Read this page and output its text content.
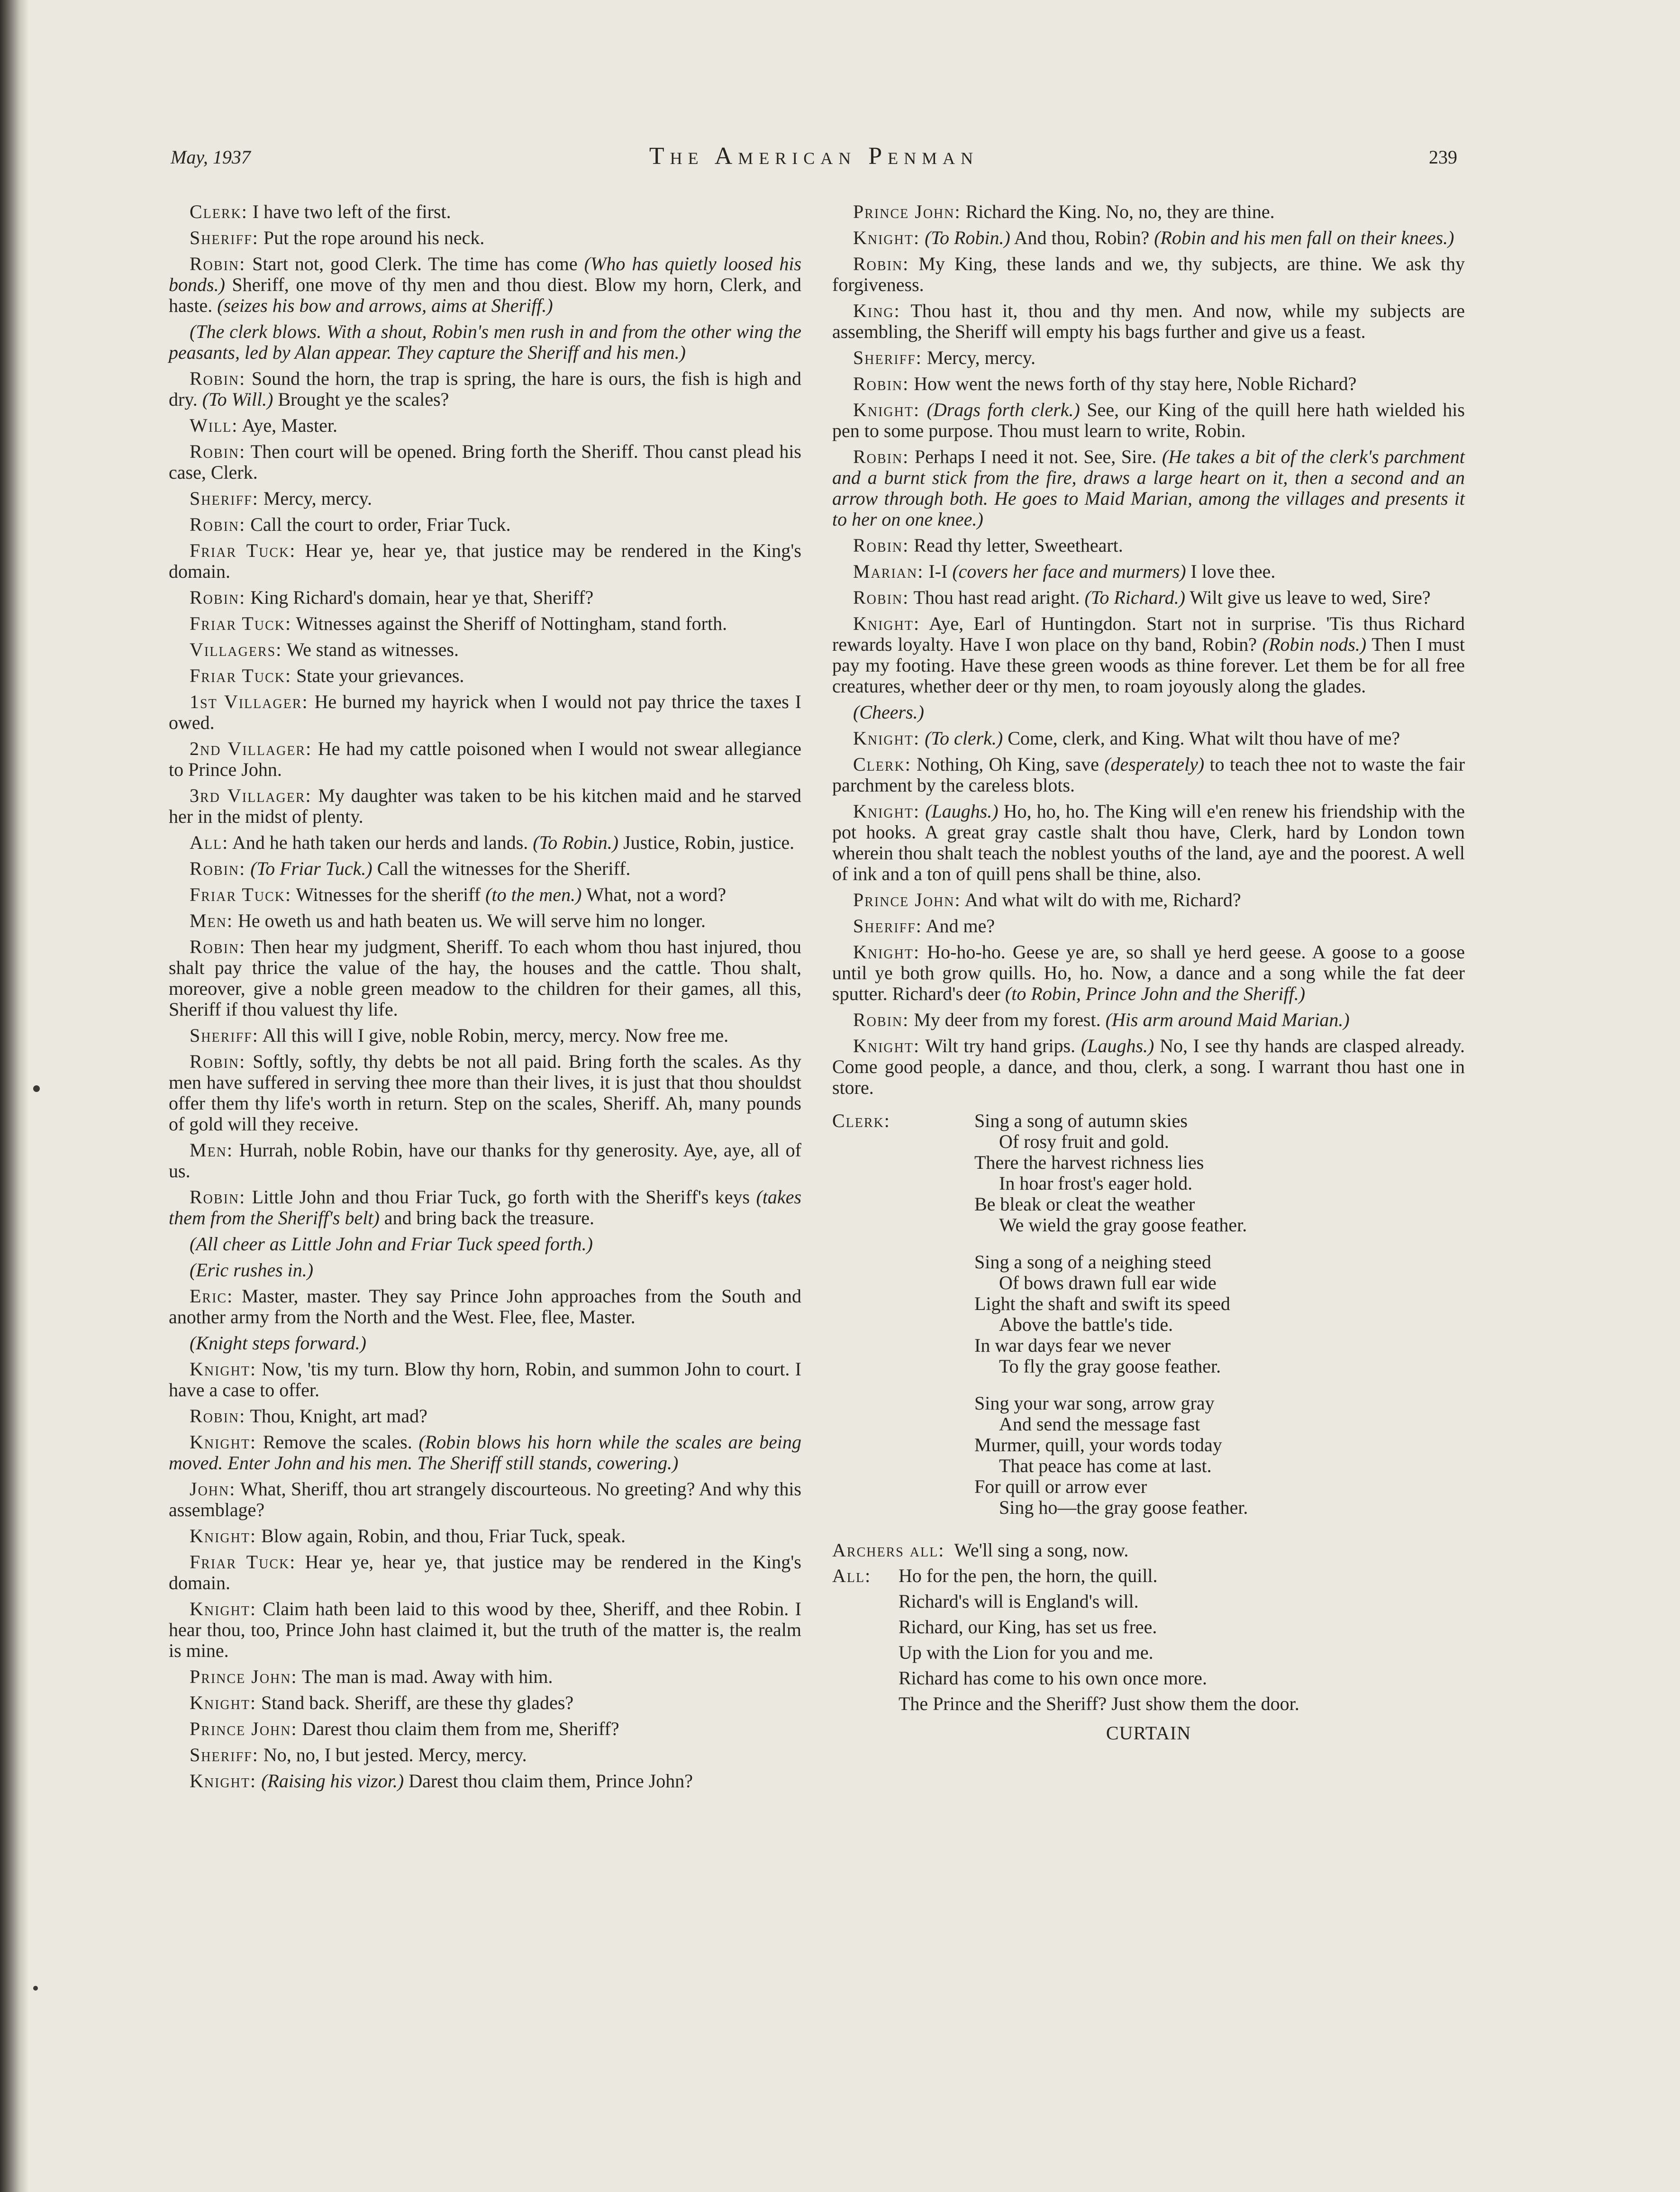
May, 1937	The American Penman	239

Clerk: I have two left of the first.

Sheriff: Put the rope around his neck.

Robin: Start not, good Clerk. The time has come (Who has quietly loosed his bonds.) Sheriff, one move of thy men and thou diest. Blow my horn, Clerk, and haste. (seizes his bow and arrows, aims at Sheriff.)

(The clerk blows. With a shout, Robin's men rush in and from the other wing the peasants, led by Alan appear. They capture the Sheriff and his men.)

Robin: Sound the horn, the trap is spring, the hare is ours, the fish is high and dry. (To Will.) Brought ye the scales?

Will: Aye, Master.

Robin: Then court will be opened. Bring forth the Sheriff. Thou canst plead his case, Clerk.

Sheriff: Mercy, mercy.

Robin: Call the court to order, Friar Tuck.

Friar Tuck: Hear ye, hear ye, that justice may be rendered in the King's domain.

Robin: King Richard's domain, hear ye that, Sheriff?

Friar Tuck: Witnesses against the Sheriff of Nottingham, stand forth.

Villagers: We stand as witnesses.

Friar Tuck: State your grievances.

1st Villager: He burned my hayrick when I would not pay thrice the taxes I owed.

2nd Villager: He had my cattle poisoned when I would not swear allegiance to Prince John.

3rd Villager: My daughter was taken to be his kitchen maid and he starved her in the midst of plenty.

All: And he hath taken our herds and lands. (To Robin.) Justice, Robin, justice.

Robin: (To Friar Tuck.) Call the witnesses for the Sheriff.

Friar Tuck: Witnesses for the sheriff (to the men.) What, not a word?

Men: He oweth us and hath beaten us. We will serve him no longer.

Robin: Then hear my judgment, Sheriff. To each whom thou hast injured, thou shalt pay thrice the value of the hay, the houses and the cattle. Thou shalt, moreover, give a noble green meadow to the children for their games, all this, Sheriff if thou valuest thy life.

Sheriff: All this will I give, noble Robin, mercy, mercy. Now free me.

Robin: Softly, softly, thy debts be not all paid. Bring forth the scales. As thy men have suffered in serving thee more than their lives, it is just that thou shouldst offer them thy life's worth in return. Step on the scales, Sheriff. Ah, many pounds of gold will they receive.

Men: Hurrah, noble Robin, have our thanks for thy generosity. Aye, aye, all of us.

Robin: Little John and thou Friar Tuck, go forth with the Sheriff's keys (takes them from the Sheriff's belt) and bring back the treasure.

(All cheer as Little John and Friar Tuck speed forth.)

(Eric rushes in.)

Eric: Master, master. They say Prince John approaches from the South and another army from the North and the West. Flee, flee, Master.

(Knight steps forward.)

Knight: Now, 'tis my turn. Blow thy horn, Robin, and summon John to court. I have a case to offer.

Robin: Thou, Knight, art mad?

Knight: Remove the scales. (Robin blows his horn while the scales are being moved. Enter John and his men. The Sheriff still stands, cowering.)

John: What, Sheriff, thou art strangely discourteous. No greeting? And why this assemblage?

Knight: Blow again, Robin, and thou, Friar Tuck, speak.

Friar Tuck: Hear ye, hear ye, that justice may be rendered in the King's domain.

Knight: Claim hath been laid to this wood by thee, Sheriff, and thee Robin. I hear thou, too, Prince John hast claimed it, but the truth of the matter is, the realm is mine.

Prince John: The man is mad. Away with him.

Knight: Stand back. Sheriff, are these thy glades?

Prince John: Darest thou claim them from me, Sheriff?

Sheriff: No, no, I but jested. Mercy, mercy.

Knight: (Raising his vizor.) Darest thou claim them, Prince John?

Prince John: Richard the King. No, no, they are thine.

Knight: (To Robin.) And thou, Robin? (Robin and his men fall on their knees.)

Robin: My King, these lands and we, thy subjects, are thine. We ask thy forgiveness.

King: Thou hast it, thou and thy men. And now, while my subjects are assembling, the Sheriff will empty his bags further and give us a feast.

Sheriff: Mercy, mercy.

Robin: How went the news forth of thy stay here, Noble Richard?

Knight: (Drags forth clerk.) See, our King of the quill here hath wielded his pen to some purpose. Thou must learn to write, Robin.

Robin: Perhaps I need it not. See, Sire. (He takes a bit of the clerk's parchment and a burnt stick from the fire, draws a large heart on it, then a second and an arrow through both. He goes to Maid Marian, among the villages and presents it to her on one knee.)

Robin: Read thy letter, Sweetheart.

Marian: I-I (covers her face and murmers) I love thee.

Robin: Thou hast read aright. (To Richard.) Wilt give us leave to wed, Sire?

Knight: Aye, Earl of Huntingdon. Start not in surprise. 'Tis thus Richard rewards loyalty. Have I won place on thy band, Robin? (Robin nods.) Then I must pay my footing. Have these green woods as thine forever. Let them be for all free creatures, whether deer or thy men, to roam joyously along the glades.

(Cheers.)

Knight: (To clerk.) Come, clerk, and King. What wilt thou have of me?

Clerk: Nothing, Oh King, save (desperately) to teach thee not to waste the fair parchment by the careless blots.

Knight: (Laughs.) Ho, ho, ho. The King will e'en renew his friendship with the pot hooks. A great gray castle shalt thou have, Clerk, hard by London town wherein thou shalt teach the noblest youths of the land, aye and the poorest. A well of ink and a ton of quill pens shall be thine, also.

Prince John: And what wilt do with me, Richard?

Sheriff: And me?

Knight: Ho-ho-ho. Geese ye are, so shall ye herd geese. A goose to a goose until ye both grow quills. Ho, ho. Now, a dance and a song while the fat deer sputter. Richard's deer (to Robin, Prince John and the Sheriff.)

Robin: My deer from my forest. (His arm around Maid Marian.)

Knight: Wilt try hand grips. (Laughs.) No, I see thy hands are clasped already. Come good people, a dance, and thou, clerk, a song. I warrant thou hast one in store.

Clerk:	Sing a song of autumn skies
Of rosy fruit and gold.
There the harvest richness lies
In hoar frost's eager hold.
Be bleak or cleat the weather
We wield the gray goose feather.
Sing a song of a neighing steed
Of bows drawn full ear wide
Light the shaft and swift its speed
Above the battle's tide.
In war days fear we never
To fly the gray goose feather.
Sing your war song, arrow gray
And send the message fast
Murmer, quill, your words today
That peace has come at last.
For quill or arrow ever
Sing ho—the gray goose feather.
Archers all: We'll sing a song, now.
All:	Ho for the pen, the horn, the quill.
Richard's will is England's will.
Richard, our King, has set us free.
Up with the Lion for you and me.
Richard has come to his own once more.
The Prince and the Sheriff? Just show them the door.
CURTAIN
